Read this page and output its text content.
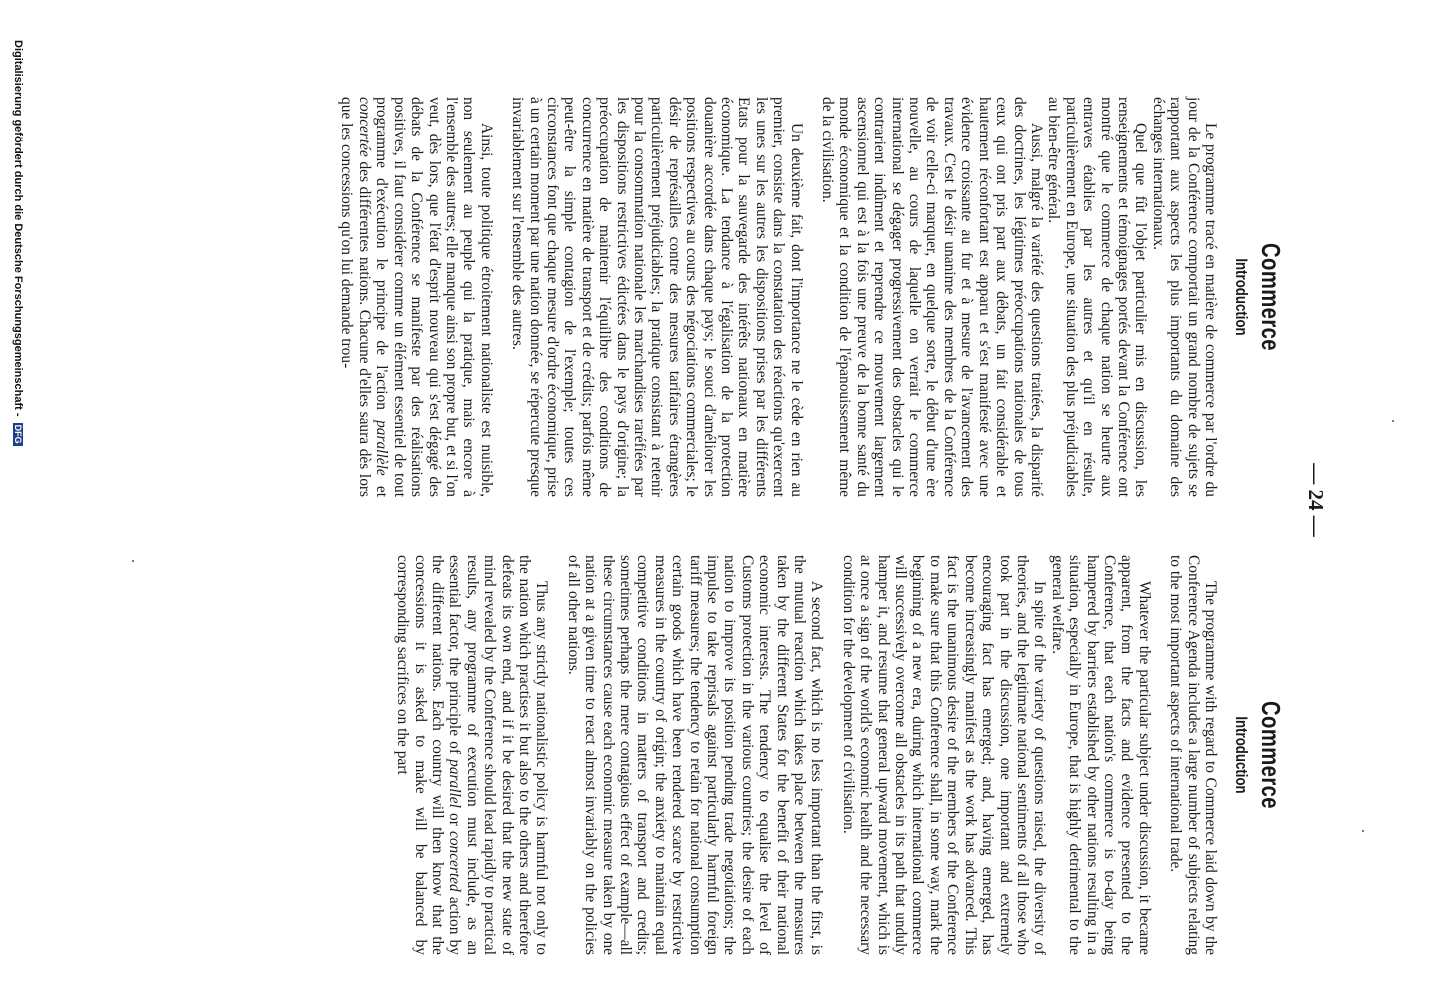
— 24 —
Commerce
Introduction

Le programme tracé en matière de commerce par l'ordre du jour de la Conférence comportait un grand nombre de sujets se rapportant aux aspects les plus importants du domaine des échanges internationaux.

Quel que fût l'objet particulier mis en discussion, les renseignements et témoignages portés devant la Conférence ont montré que le commerce de chaque nation se heurte aux entraves établies par les autres et qu'il en résulte, particulièrement en Europe, une situation des plus préjudiciables au bien-être général.

Aussi, malgré la variété des questions traitées, la disparité des doctrines, les légitimes préoccupations nationales de tous ceux qui ont pris part aux débats, un fait considérable et hautement réconfortant est apparu et s'est manifesté avec une évidence croissante au fur et à mesure de l'avancement des travaux. C'est le désir unanime des membres de la Conférence de voir celle-ci marquer, en quelque sorte, le début d'une ère nouvelle, au cours de laquelle on verrait le commerce international se dégager progressivement des obstacles qui le contrarient indûment et reprendre ce mouvement largement ascensionnel qui est à la fois une preuve de la bonne santé du monde économique et la condition de l'épanouissement même de la civilisation.

Un deuxième fait, dont l'importance ne le cède en rien au premier, consiste dans la constatation des réactions qu'exercent les unes sur les autres les dispositions prises par les différents Etats pour la sauvegarde des intérêts nationaux en matière économique. La tendance à l'égalisation de la protection douanière accordée dans chaque pays; le souci d'améliorer les positions respectives au cours des négociations commerciales; le désir de représailles contre des mesures tarifaires étrangères particulièrement préjudiciables; la pratique consistant à retenir pour la consommation nationale les marchandises raréfiées par les dispositions restrictives édictées dans le pays d'origine; la préoccupation de maintenir l'équilibre des conditions de concurrence en matière de transport et de crédits; parfois même peut-être la simple contagion de l'exemple; toutes ces circonstances font que chaque mesure d'ordre économique, prise à un certain moment par une nation donnée, se répercute presque invariablement sur l'ensemble des autres.

Ainsi, toute politique étroitement nationaliste est nuisible, non seulement au peuple qui la pratique, mais encore à l'ensemble des autres; elle manque ainsi son propre but, et si l'on veut, dès lors, que l'état d'esprit nouveau qui s'est dégagé des débats de la Conférence se manifeste par des réalisations positives, il faut considérer comme un élément essentiel de tout programme d'exécution le principe de l'action parallèle et concertée des différentes nations. Chacune d'elles saura dès lors que les concessions qu'on lui demande trou-

Commerce
Introduction

The programme with regard to Commerce laid down by the Conference Agenda includes a large number of subjects relating to the most important aspects of international trade.

Whatever the particular subject under discussion, it became apparent, from the facts and evidence presented to the Conference, that each nation's commerce is to-day being hampered by barriers established by other nations resulting in a situation, especially in Europe, that is highly detrimental to the general welfare.

In spite of the variety of questions raised, the diversity of theories, and the legitimate national sentiments of all those who took part in the discussion, one important and extremely encouraging fact has emerged; and, having emerged, has become increasingly manifest as the work has advanced. This fact is the unanimous desire of the members of the Conference to make sure that this Conference shall, in some way, mark the beginning of a new era, during which international commerce will successively overcome all obstacles in its path that unduly hamper it, and resume that general upward movement, which is at once a sign of the world's economic health and the necessary condition for the development of civilisation.

A second fact, which is no less important than the first, is the mutual reaction which takes place between the measures taken by the different States for the benefit of their national economic interests. The tendency to equalise the level of Customs protection in the various countries; the desire of each nation to improve its position pending trade negotiations; the impulse to take reprisals against particularly harmful foreign tariff measures; the tendency to retain for national consumption certain goods which have been rendered scarce by restrictive measures in the country of origin; the anxiety to maintain equal competitive conditions in matters of transport and credits; sometimes perhaps the mere contagious effect of example—all these circumstances cause each economic measure taken by one nation at a given time to react almost invariably on the policies of all other nations.

Thus any strictly nationalistic policy is harmful not only to the nation which practises it but also to the others and therefore defeats its own end, and if it be desired that the new state of mind revealed by the Conference should lead rapidly to practical results, any programme of execution must include, as an essential factor, the principle of parallel or concerted action by the different nations. Each country will then know that the concessions it is asked to make will be balanced by corresponding sacrifices on the part

Digitalisierung gefördert durch die Deutsche Forschungsgemeinschaft - DFG
